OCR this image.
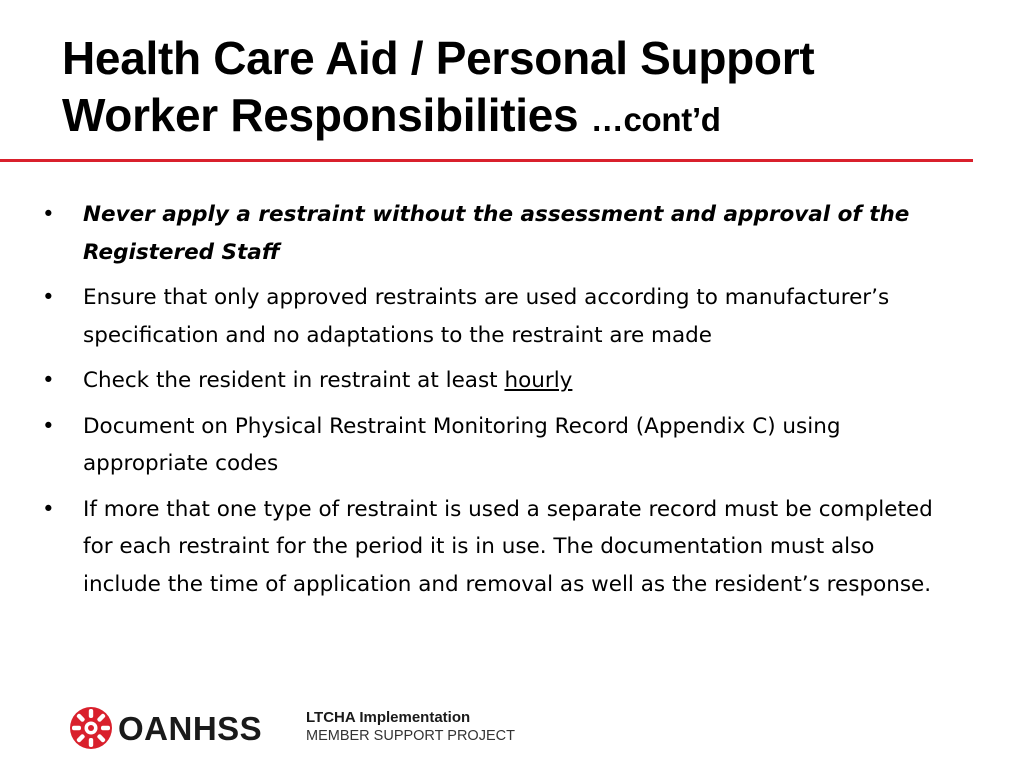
Health Care Aid / Personal Support
Worker Responsibilities …cont’d
•	Never apply a restraint without the assessment and approval of the Registered Staff
•	Ensure that only approved restraints are used according to manufacturer’s specification and no adaptations to the restraint are made
•	Check the resident in restraint at least hourly
•	Document on Physical Restraint Monitoring Record (Appendix C) using appropriate codes
•	If more that one type of restraint is used a separate record must be completed for each restraint for the period it is in use. The documentation must also include the time of application and removal as well as the resident’s response.
OANHSS	LTCHA Implementation
MEMBER SUPPORT PROJECT
